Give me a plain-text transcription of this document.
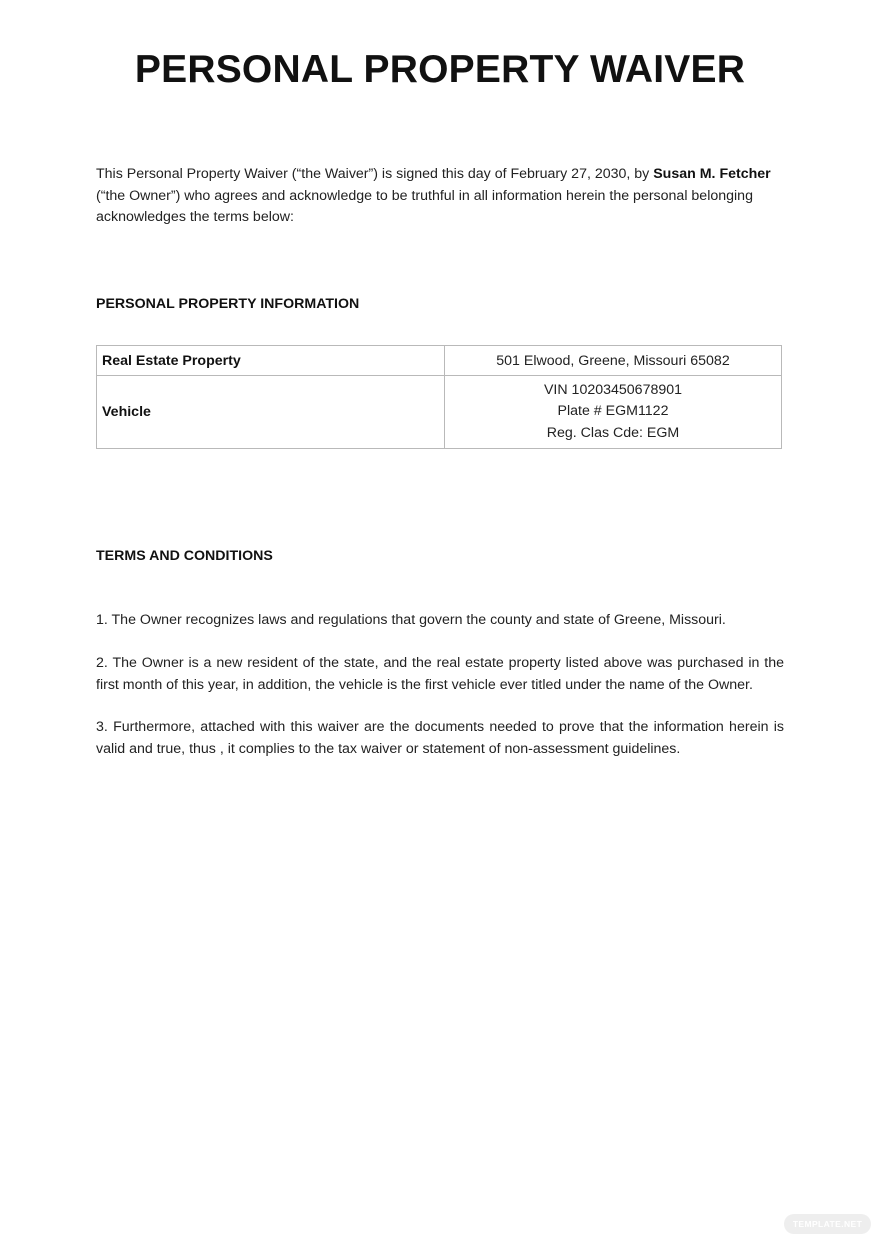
PERSONAL PROPERTY WAIVER

This Personal Property Waiver (“the Waiver”) is signed this day of February 27, 2030, by Susan M. Fetcher (“the Owner”) who agrees and acknowledge to be truthful in all information herein the personal belonging acknowledges the terms below:

PERSONAL PROPERTY INFORMATION
Real Estate Property	501 Elwood, Greene, Missouri 65082
Vehicle	VIN 10203450678901
Plate # EGM1122
Reg. Clas Cde: EGM
TERMS AND CONDITIONS

1. The Owner recognizes laws and regulations that govern the county and state of Greene, Missouri.

2. The Owner is a new resident of the state, and the real estate property listed above was purchased in the first month of this year, in addition, the vehicle is the first vehicle ever titled under the name of the Owner.

3. Furthermore, attached with this waiver are the documents needed to prove that the information herein is valid and true, thus , it complies to the tax waiver or statement of non-assessment guidelines.

TEMPLATE.NET
